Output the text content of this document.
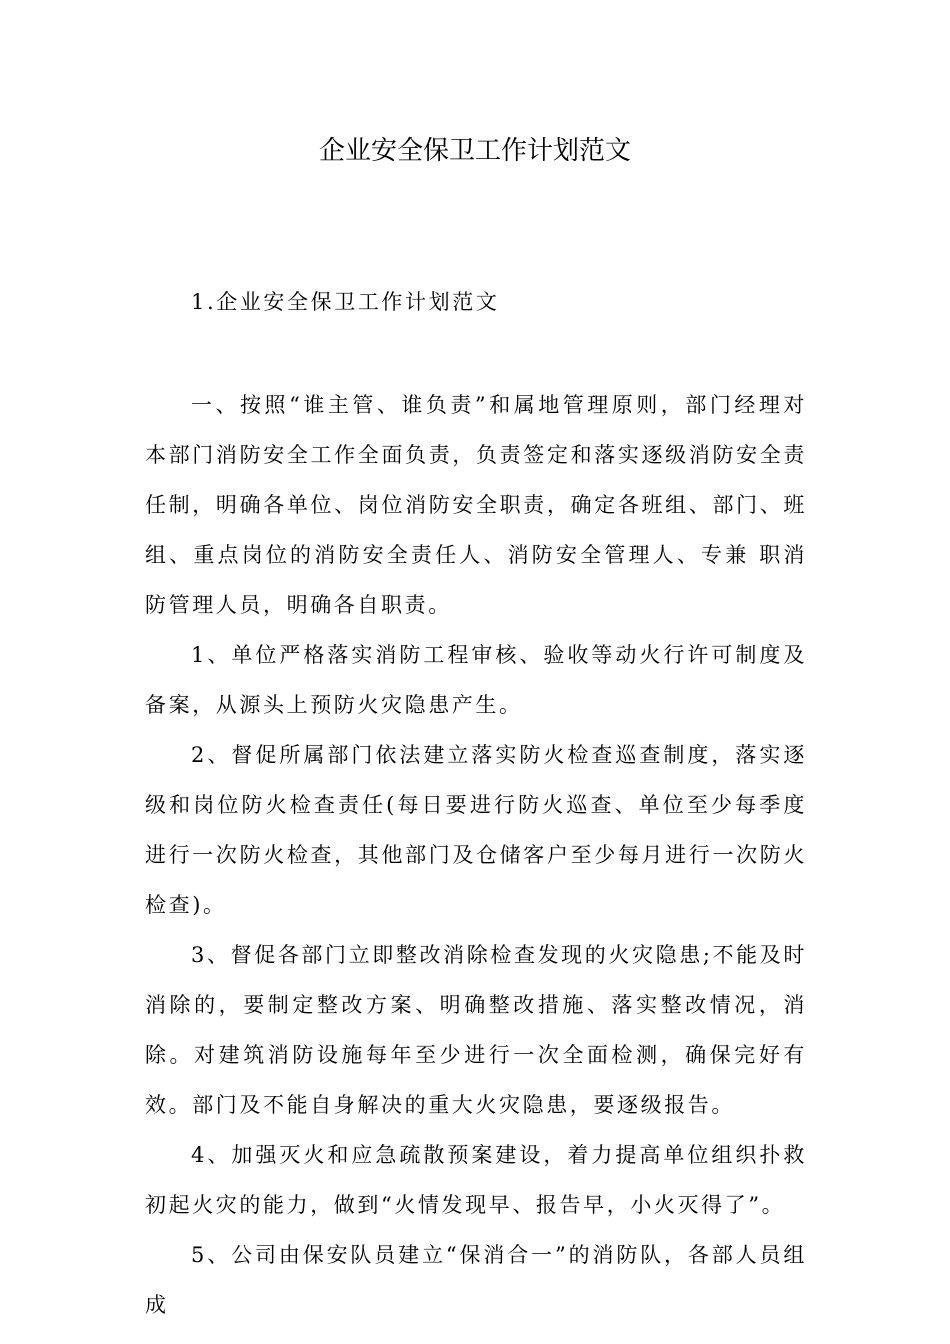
企业安全保卫工作计划范文

1.企业安全保卫工作计划范文

一、按照“谁主管、谁负责”和属地管理原则，部门经理对本部门消防安全工作全面负责，负责签定和落实逐级消防安全责任制，明确各单位、岗位消防安全职责，确定各班组、部门、班组、重点岗位的消防安全责任人、消防安全管理人、专兼 职消防管理人员，明确各自职责。

1、单位严格落实消防工程审核、验收等动火行许可制度及备案，从源头上预防火灾隐患产生。

2、督促所属部门依法建立落实防火检查巡查制度，落实逐级和岗位防火检查责任(每日要进行防火巡查、单位至少每季度进行一次防火检查，其他部门及仓储客户至少每月进行一次防火检查)。

3、督促各部门立即整改消除检查发现的火灾隐患;不能及时消除的，要制定整改方案、明确整改措施、落实整改情况，消除。对建筑消防设施每年至少进行一次全面检测，确保完好有效。部门及不能自身解决的重大火灾隐患，要逐级报告。

4、加强灭火和应急疏散预案建设，着力提高单位组织扑救初起火灾的能力，做到“火情发现早、报告早，小火灭得了”。

5、公司由保安队员建立“保消合一”的消防队，各部人员组成
